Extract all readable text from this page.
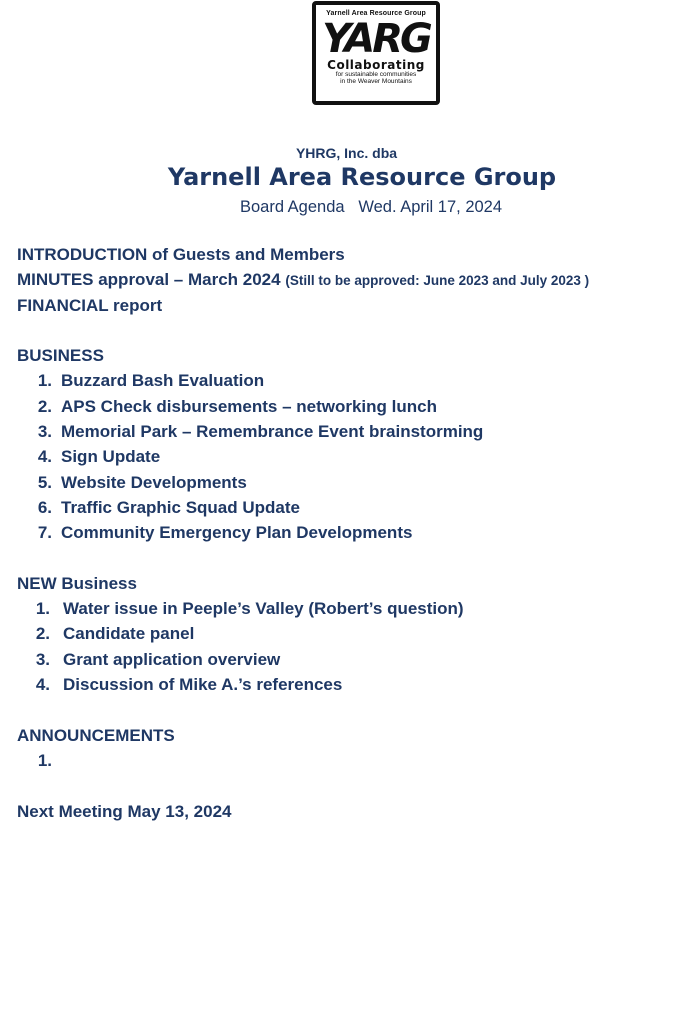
Yarnell Area Resource Group
YARG
Collaborating
for sustainable communities
in the Weaver Mountains
YHRG, Inc. dba
Yarnell Area Resource Group
Board Agenda   Wed. April 17, 2024
INTRODUCTION of Guests and Members
MINUTES approval – March 2024 (Still to be approved: June 2023 and July 2023 )
FINANCIAL report
BUSINESS
1. Buzzard Bash Evaluation
2. APS Check disbursements – networking lunch
3. Memorial Park – Remembrance Event brainstorming
4. Sign Update
5. Website Developments
6. Traffic Graphic Squad Update
7. Community Emergency Plan Developments
NEW Business
1. Water issue in Peeple’s Valley (Robert’s question)
2. Candidate panel
3. Grant application overview
4. Discussion of Mike A.’s references
ANNOUNCEMENTS
1.
Next Meeting May 13, 2024
